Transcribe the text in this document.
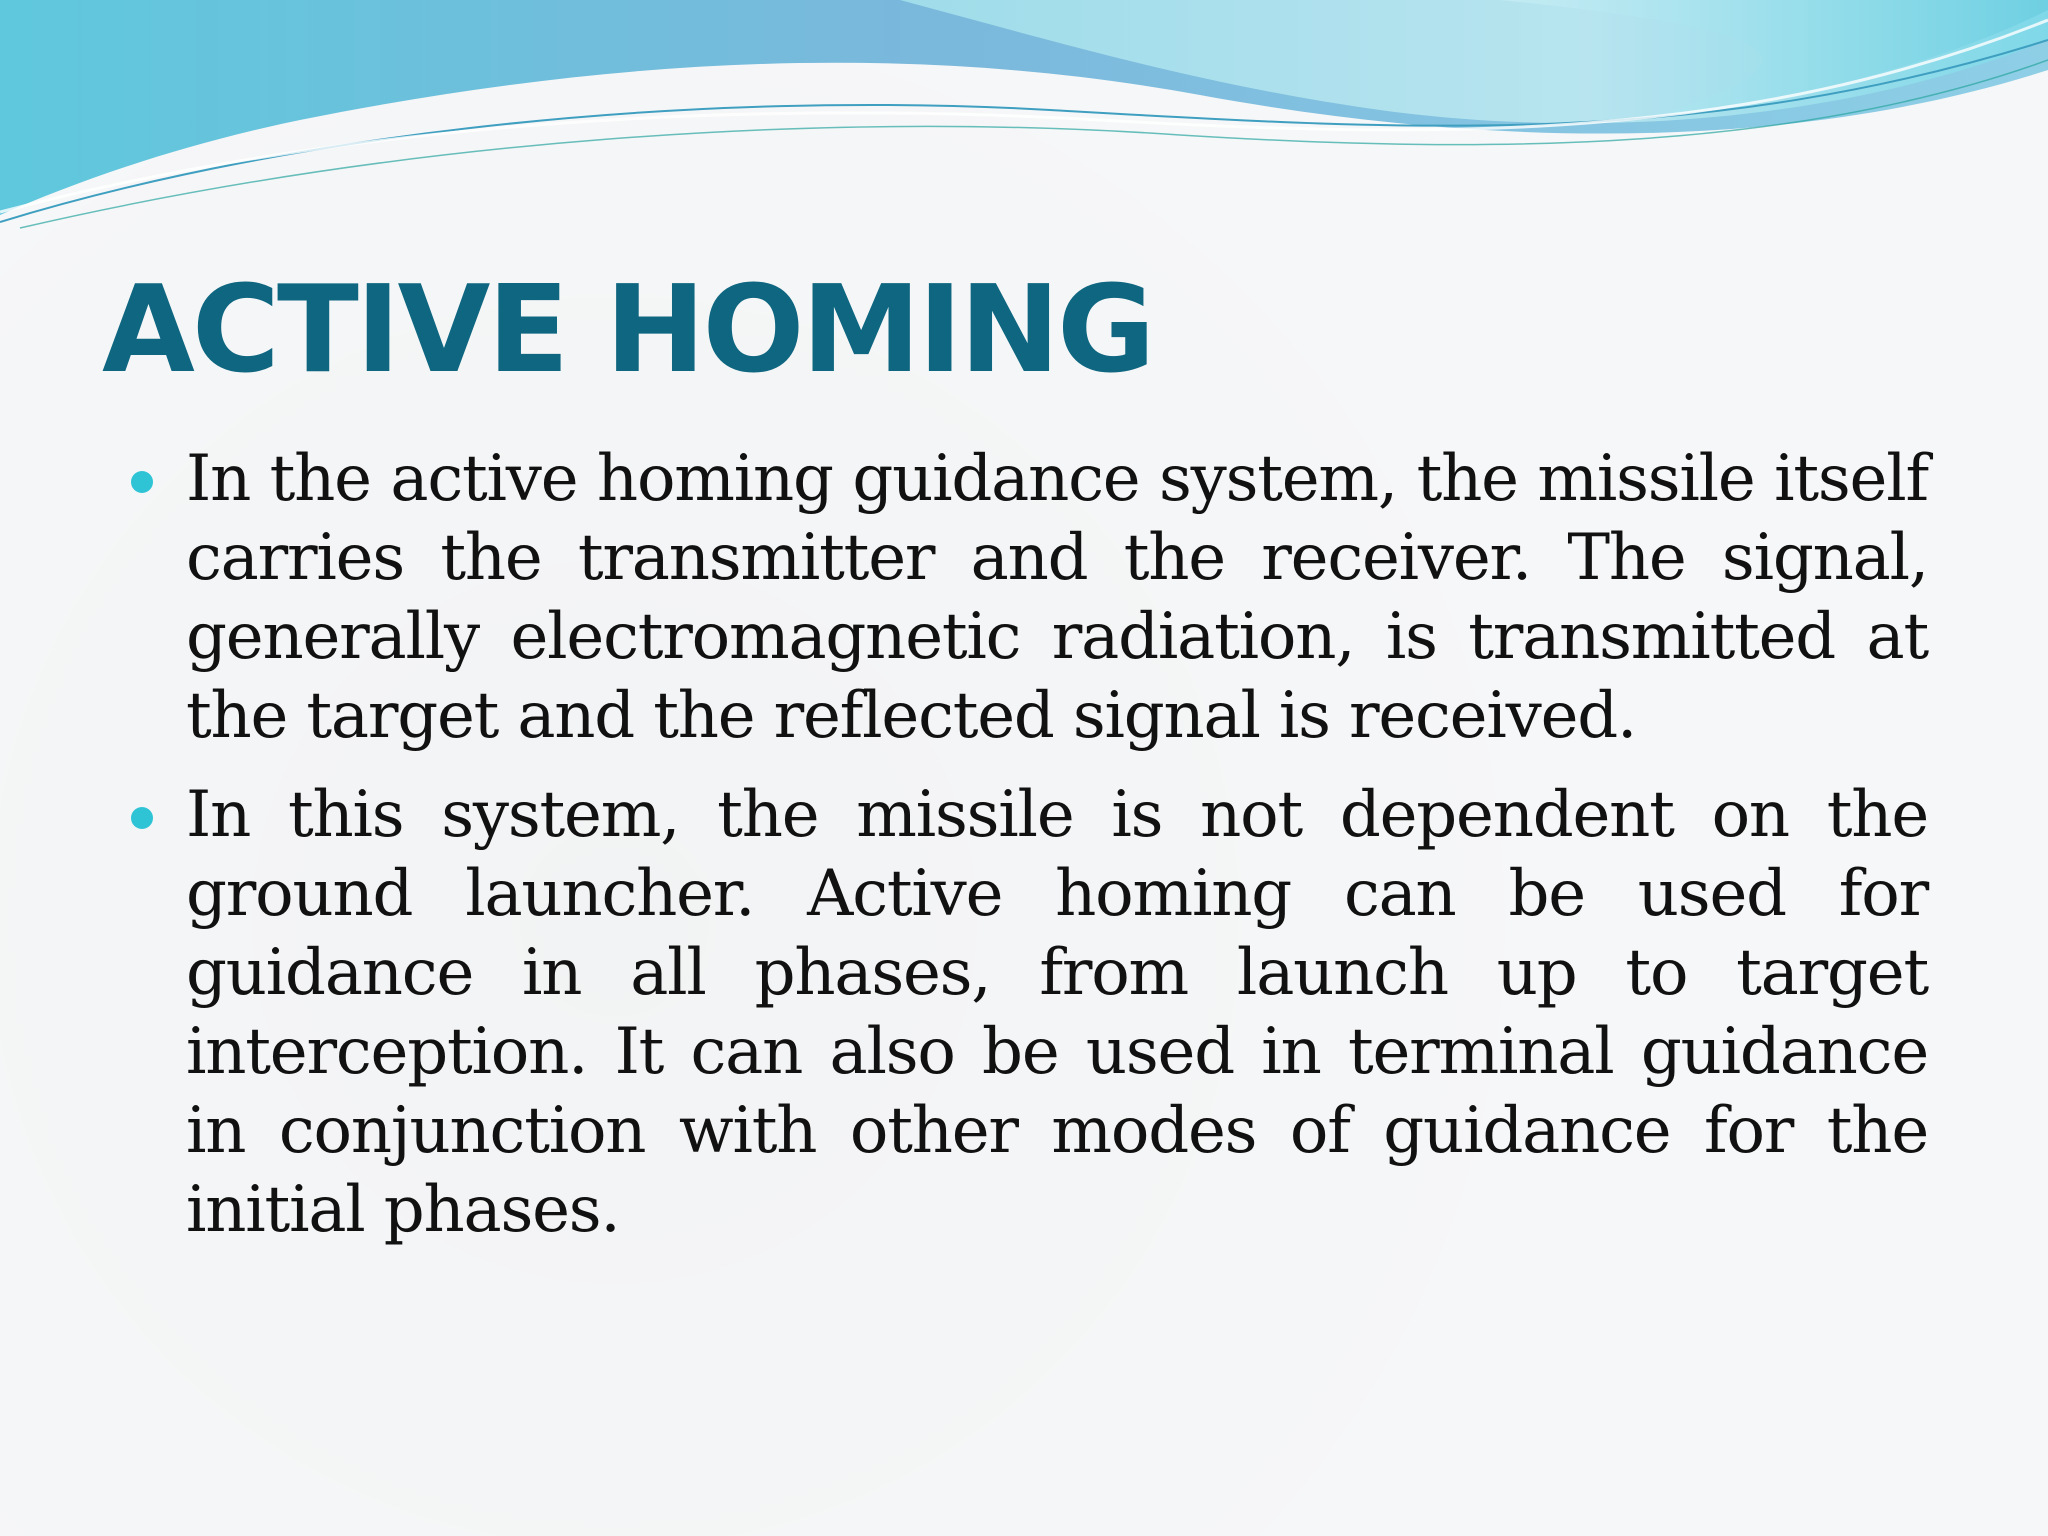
ACTIVE HOMING
In the active homing guidance system, the missile itself carries the transmitter and the receiver. The signal, generally electromagnetic radiation, is transmitted at the target and the reflected signal is received.
In this system, the missile is not dependent on the ground launcher. Active homing can be used for guidance in all phases, from launch up to target interception. It can also be used in terminal guidance in conjunction with other modes of guidance for the initial phases.
